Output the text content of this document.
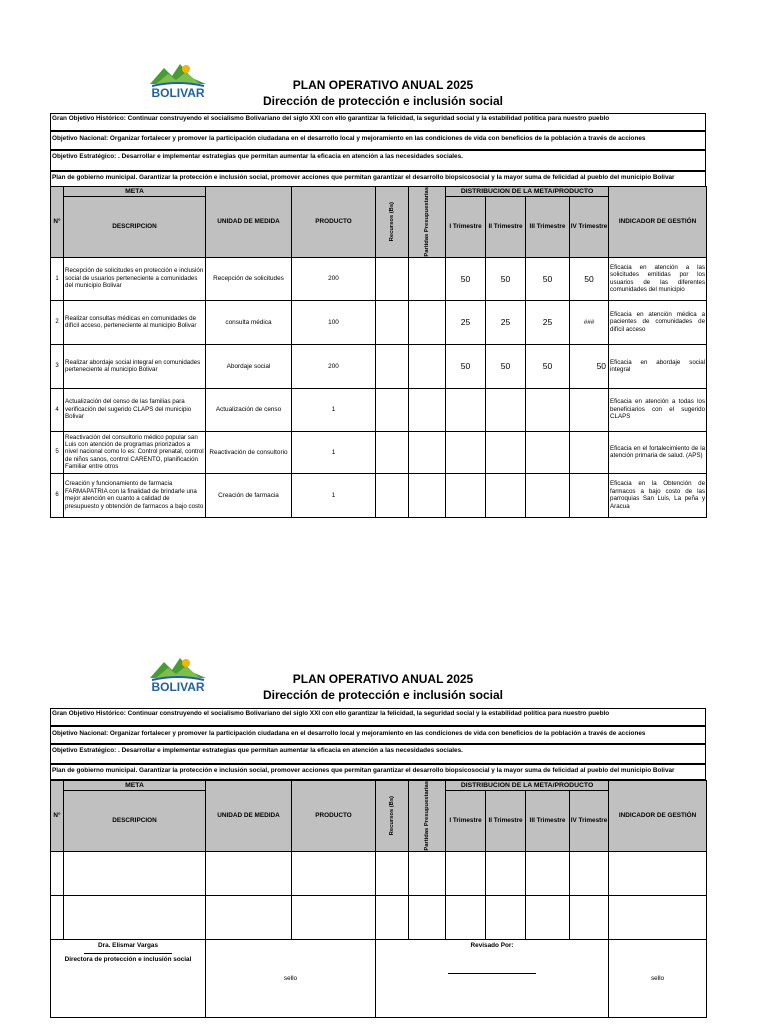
BOLIVAR
PLAN OPERATIVO ANUAL 2025
Dirección de protección e inclusión social
Gran Objetivo Histórico: Continuar construyendo el socialismo Bolivariano del siglo XXI con ello garantizar la felicidad, la seguridad social y la estabilidad política para nuestro pueblo
Objetivo Nacional: Organizar fortalecer y promover la participación ciudadana en el desarrollo local y mejoramiento en las condiciones de vida con beneficios de la población a través de acciones
Objetivo Estratégico: . Desarrollar e implementar estrategias que permitan aumentar la eficacia en atención a las necesidades sociales.
Plan de gobierno municipal. Garantizar la protección e inclusión social, promover acciones que permitan garantizar el desarrollo biopsicosocial y la mayor suma de felicidad al pueblo del municipio Bolivar
N°	META	UNIDAD DE MEDIDA	PRODUCTO	Recursos (Bs)	Partidas Presupuestarias	DISTRIBUCION DE LA META/PRODUCTO				INDICADOR DE GESTIÓN
	DESCRIPCION					I Trimestre	II Trimestre	III Trimestre	IV Trimestre	
1	Recepción de solicitudes en protección e inclusión social de usuarios perteneciente a comunidades del municipio Bolivar	Recepción de solicitudes	200			50	50	50	50	Eficacia en atención a las solicitudes emitidas por los usuarios de las diferentes comunidades del municipio
2	Realizar consultas médicas en comunidades de difícil acceso, perteneciente al municipio Bolivar	consulta médica	100			25	25	25	###	Eficacia en atención médica a pacientes de comunidades de difícil acceso
3	Realizar abordaje social integral en comunidades perteneciente al municipio Bolivar	Abordaje social	200			50	50	50	50	Eficacia en abordaje social integral
4	Actualización del censo de las familias para verificación del sugerido CLAPS del municipio Bolivar	Actualización de censo	1							Eficacia en atención a todas los beneficiarios con el sugerido CLAPS
5	Reactivación del consultorio médico popular san Luis con atención de programas priorizados a nivel nacional como lo es: Control prenatal, control de niños sanos, control CARENTO, planificación Familiar entre otros	Reactivación de consultorio	1							Eficacia en el fortalecimiento de la atención primaria de salud. (APS)
6	Creación y funcionamiento de farmacia FARMAPATRIA con la finalidad de brindarle una mejor atención en cuanto a calidad de presupuesto y obtención de farmacos a bajo costo	Creación de farmacia	1							Eficacia en la Obtención de farmacos a bajo costo de las parroquias San Luis, La peña y Aracua
BOLIVAR
PLAN OPERATIVO ANUAL 2025
Dirección de protección e inclusión social
Gran Objetivo Histórico: Continuar construyendo el socialismo Bolivariano del siglo XXI con ello garantizar la felicidad, la seguridad social y la estabilidad política para nuestro pueblo
Objetivo Nacional: Organizar fortalecer y promover la participación ciudadana en el desarrollo local y mejoramiento en las condiciones de vida con beneficios de la población a través de acciones
Objetivo Estratégico: . Desarrollar e implementar estrategias que permitan aumentar la eficacia en atención a las necesidades sociales.
Plan de gobierno municipal. Garantizar la protección e inclusión social, promover acciones que permitan garantizar el desarrollo biopsicosocial y la mayor suma de felicidad al pueblo del municipio Bolivar
N°	META	UNIDAD DE MEDIDA	PRODUCTO	Recursos (Bs)	Partidas Presupuestarias	DISTRIBUCION DE LA META/PRODUCTO				INDICADOR DE GESTIÓN
	DESCRIPCION					I Trimestre	II Trimestre	III Trimestre	IV Trimestre	

Dra. Elismar Vargas
Directora de protección e inclusión social		sello		Revisado Por:						sello
